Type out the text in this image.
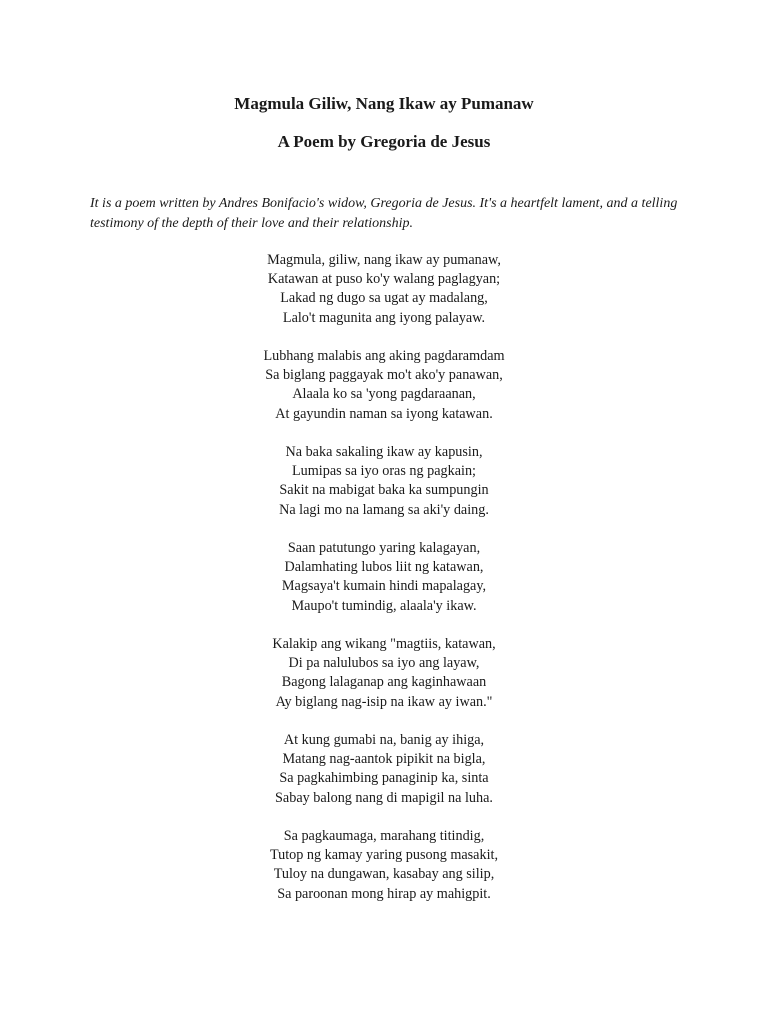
Magmula Giliw, Nang Ikaw ay Pumanaw
A Poem by Gregoria de Jesus

It is a poem written by Andres Bonifacio's widow, Gregoria de Jesus. It's a heartfelt lament, and a telling testimony of the depth of their love and their relationship.

Magmula, giliw, nang ikaw ay pumanaw,
Katawan at puso ko'y walang paglagyan;
Lakad ng dugo sa ugat ay madalang,
Lalo't magunita ang iyong palayaw.
Lubhang malabis ang aking pagdaramdam
Sa biglang paggayak mo't ako'y panawan,
Alaala ko sa 'yong pagdaraanan,
At gayundin naman sa iyong katawan.
Na baka sakaling ikaw ay kapusin,
Lumipas sa iyo oras ng pagkain;
Sakit na mabigat baka ka sumpungin
Na lagi mo na lamang sa aki'y daing.
Saan patutungo yaring kalagayan,
Dalamhating lubos liit ng katawan,
Magsaya't kumain hindi mapalagay,
Maupo't tumindig, alaala'y ikaw.
Kalakip ang wikang "magtiis, katawan,
Di pa nalulubos sa iyo ang layaw,
Bagong lalaganap ang kaginhawaan
Ay biglang nag-isip na ikaw ay iwan."
At kung gumabi na, banig ay ihiga,
Matang nag-aantok pipikit na bigla,
Sa pagkahimbing panaginip ka, sinta
Sabay balong nang di mapigil na luha.
Sa pagkaumaga, marahang titindig,
Tutop ng kamay yaring pusong masakit,
Tuloy na dungawan, kasabay ang silip,
Sa paroonan mong hirap ay mahigpit.
